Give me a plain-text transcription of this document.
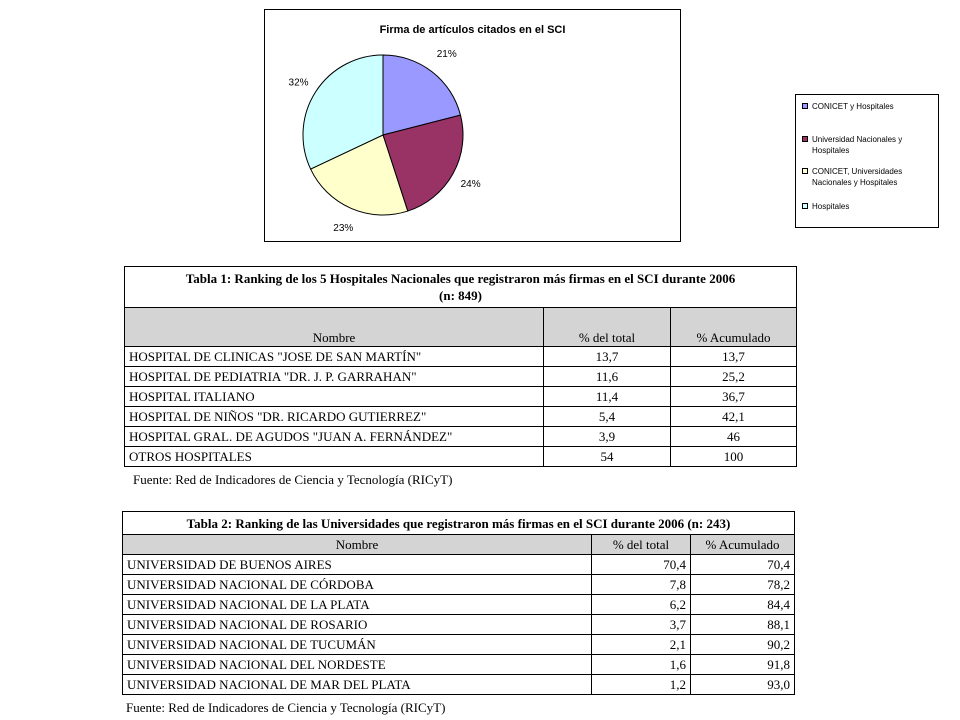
Firma de artículos citados en el SCI
21%
24%
23%
32%
CONICET y Hospitales
Universidad Nacionales y Hospitales
CONICET, Universidades Nacionales y Hospitales
Hospitales
Tabla 1: Ranking de los 5 Hospitales Nacionales que registraron más firmas en el SCI durante 2006
(n: 849)		
Nombre	% del total	% Acumulado
HOSPITAL DE CLINICAS "JOSE DE SAN MARTÍN"	13,7	13,7
HOSPITAL DE PEDIATRIA "DR. J. P. GARRAHAN"	11,6	25,2
HOSPITAL ITALIANO	11,4	36,7
HOSPITAL DE NIÑOS "DR. RICARDO GUTIERREZ"	5,4	42,1
HOSPITAL GRAL. DE AGUDOS "JUAN A. FERNÁNDEZ"	3,9	46
OTROS HOSPITALES	54	100
Fuente: Red de Indicadores de Ciencia y Tecnología (RICyT)
Tabla 2: Ranking de las Universidades que registraron más firmas en el SCI durante 2006 (n: 243)		
Nombre	% del total	% Acumulado
UNIVERSIDAD DE BUENOS AIRES	70,4	70,4
UNIVERSIDAD NACIONAL DE CÓRDOBA	7,8	78,2
UNIVERSIDAD NACIONAL DE LA PLATA	6,2	84,4
UNIVERSIDAD NACIONAL DE ROSARIO	3,7	88,1
UNIVERSIDAD NACIONAL DE TUCUMÁN	2,1	90,2
UNIVERSIDAD NACIONAL DEL NORDESTE	1,6	91,8
UNIVERSIDAD NACIONAL DE MAR DEL PLATA	1,2	93,0
Fuente: Red de Indicadores de Ciencia y Tecnología (RICyT)
